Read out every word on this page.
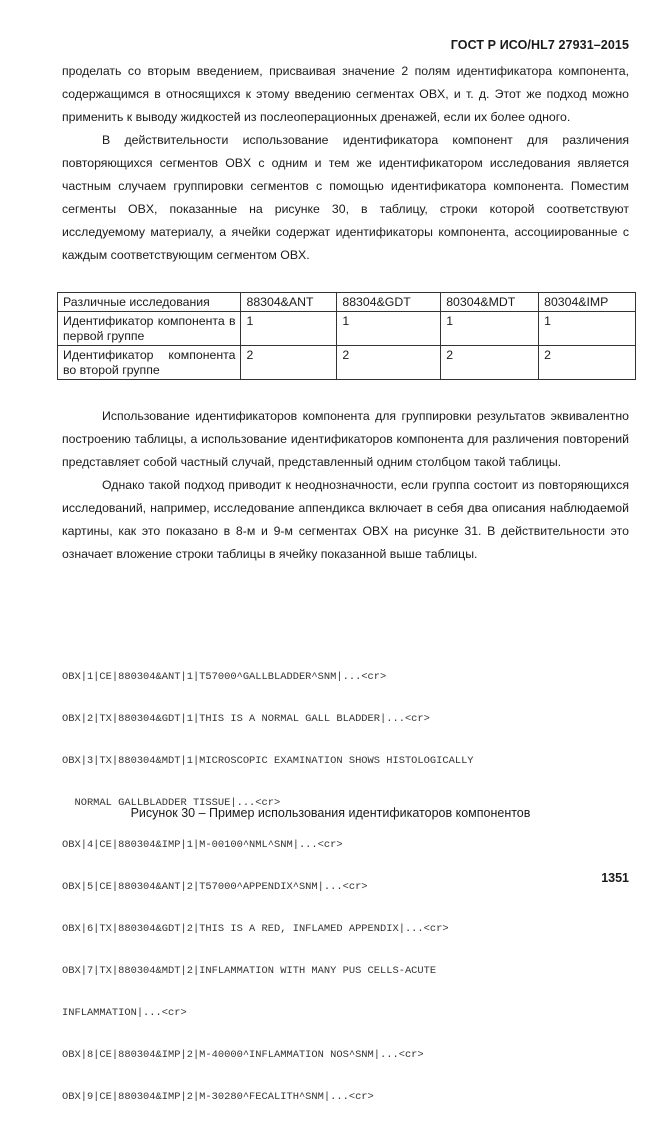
ГОСТ Р ИСО/HL7 27931–2015

проделать со вторым введением, присваивая значение 2 полям идентификатора компонента, содержащимся в относящихся к этому введению сегментах OBX, и т. д. Этот же подход можно применить к выводу жидкостей из послеоперационных дренажей, если их более одного.

В действительности использование идентификатора компонент для различения повторяющихся сегментов OBX с одним и тем же идентификатором исследования является частным случаем группировки сегментов с помощью идентификатора компонента. Поместим сегменты OBX, показанные на рисунке 30, в таблицу, строки которой соответствуют исследуемому материалу, а ячейки содержат идентификаторы компонента, ассоциированные с каждым соответствующим сегментом OBX.

Различные исследования	88304&ANT	88304&GDT	80304&MDT	80304&IMP
Идентификатор компонента в первой группе	1	1	1	1
Идентификатор компонента во второй группе	2	2	2	2

Использование идентификаторов компонента для группировки результатов эквивалентно построению таблицы, а использование идентификаторов компонента для различения повторений представляет собой частный случай, представленный одним столбцом такой таблицы.

Однако такой подход приводит к неоднозначности, если группа состоит из повторяющихся исследований, например, исследование аппендикса включает в себя два описания наблюдаемой картины, как это показано в 8-м и 9-м сегментах OBX на рисунке 31. В действительности это означает вложение строки таблицы в ячейку показанной выше таблицы.

OBX|1|CE|880304&ANT|1|T57000^GALLBLADDER^SNM|...<cr>

OBX|2|TX|880304&GDT|1|THIS IS A NORMAL GALL BLADDER|...<cr>

OBX|3|TX|880304&MDT|1|MICROSCOPIC EXAMINATION SHOWS HISTOLOGICALLY

NORMAL GALLBLADDER TISSUE|...<cr>

OBX|4|CE|880304&IMP|1|M-00100^NML^SNM|...<cr>

OBX|5|CE|880304&ANT|2|T57000^APPENDIX^SNM|...<cr>

OBX|6|TX|880304&GDT|2|THIS IS A RED, INFLAMED APPENDIX|...<cr>

OBX|7|TX|880304&MDT|2|INFLAMMATION WITH MANY PUS CELLS-ACUTE

INFLAMMATION|...<cr>

OBX|8|CE|880304&IMP|2|M-40000^INFLAMMATION NOS^SNM|...<cr>

OBX|9|CE|880304&IMP|2|M-30280^FECALITH^SNM|...<cr>

Рисунок 30 – Пример использования идентификаторов компонентов
1351
